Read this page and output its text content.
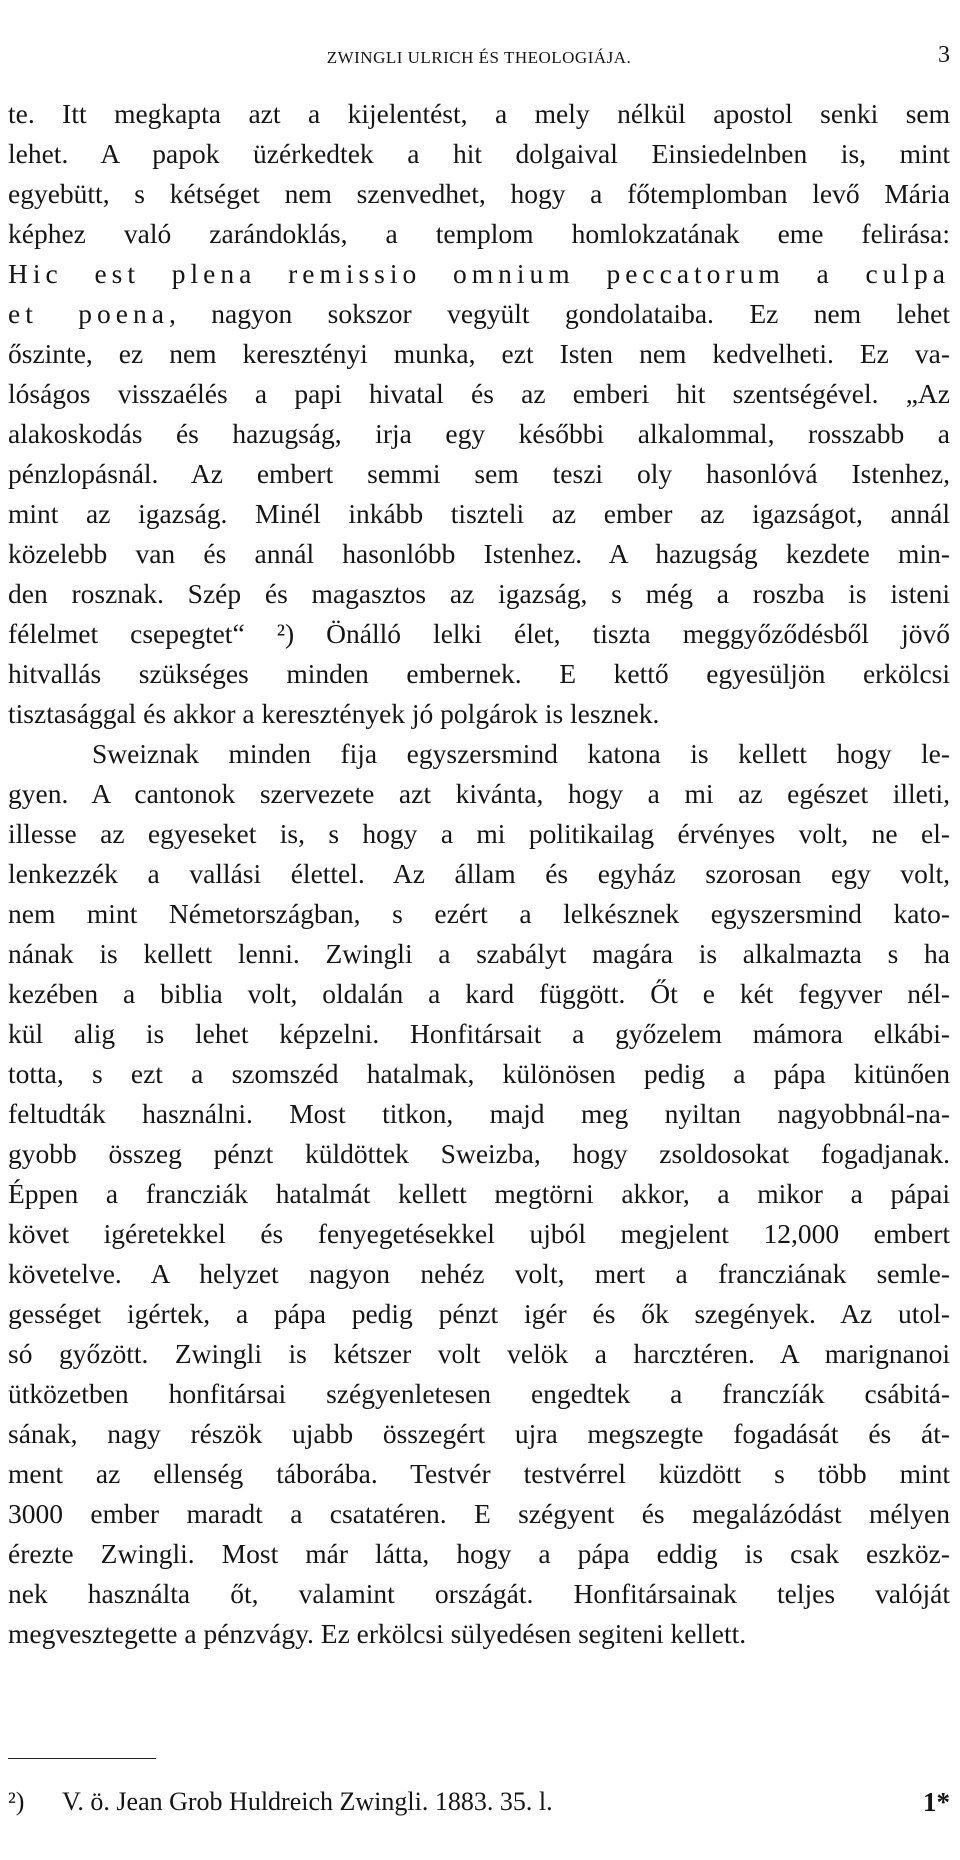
ZWINGLI ULRICH ÉS THEOLOGIÁJA.	3
te. Itt megkapta azt a kijelentést, a mely nélkül apostol senki sem
lehet. A papok üzérkedtek a hit dolgaival Einsiedelnben is, mint
egyebütt, s kétséget nem szenvedhet, hogy a főtemplomban levő Mária
képhez való zarándoklás, a templom homlokzatának eme felirása:
Hic est plena remissio omnium peccatorum a culpa
et poena, nagyon sokszor vegyült gondolataiba. Ez nem lehet
őszinte, ez nem keresztényi munka, ezt Isten nem kedvelheti. Ez va-
lóságos visszaélés a papi hivatal és az emberi hit szentségével. „Az
alakoskodás és hazugság, irja egy későbbi alkalommal, rosszabb a
pénzlopásnál. Az embert semmi sem teszi oly hasonlóvá Istenhez,
mint az igazság. Minél inkább tiszteli az ember az igazságot, annál
közelebb van és annál hasonlóbb Istenhez. A hazugság kezdete min-
den rosznak. Szép és magasztos az igazság, s még a roszba is isteni
félelmet csepegtet“ ²) Önálló lelki élet, tiszta meggyőződésből jövő
hitvallás szükséges minden embernek. E kettő egyesüljön erkölcsi
tisztasággal és akkor a keresztények jó polgárok is lesznek.
Sweiznak minden fija egyszersmind katona is kellett hogy le-
gyen. A cantonok szervezete azt kivánta, hogy a mi az egészet illeti,
illesse az egyeseket is, s hogy a mi politikailag érvényes volt, ne el-
lenkezzék a vallási élettel. Az állam és egyház szorosan egy volt,
nem mint Németországban, s ezért a lelkésznek egyszersmind kato-
nának is kellett lenni. Zwingli a szabályt magára is alkalmazta s ha
kezében a biblia volt, oldalán a kard függött. Őt e két fegyver nél-
kül alig is lehet képzelni. Honfitársait a győzelem mámora elkábi-
totta, s ezt a szomszéd hatalmak, különösen pedig a pápa kitünően
feltudták használni. Most titkon, majd meg nyiltan nagyobbnál-na-
gyobb összeg pénzt küldöttek Sweizba, hogy zsoldosokat fogadjanak.
Éppen a francziák hatalmát kellett megtörni akkor, a mikor a pápai
követ igéretekkel és fenyegetésekkel ujból megjelent 12,000 embert
követelve. A helyzet nagyon nehéz volt, mert a francziának semle-
gességet igértek, a pápa pedig pénzt igér és ők szegények. Az utol-
só győzött. Zwingli is kétszer volt velök a harcztéren. A marignanoi
ütközetben honfitársai szégyenletesen engedtek a franczíák csábitá-
sának, nagy részök ujabb összegért ujra megszegte fogadását és át-
ment az ellenség táborába. Testvér testvérrel küzdött s több mint
3000 ember maradt a csatatéren. E szégyent és megalázódást mélyen
érezte Zwingli. Most már látta, hogy a pápa eddig is csak eszköz-
nek használta őt, valamint országát. Honfitársainak teljes valóját
megvesztegette a pénzvágy. Ez erkölcsi sülyedésen segiteni kellett.
²) V. ö. Jean Grob Huldreich Zwingli. 1883. 35. l.	1*
